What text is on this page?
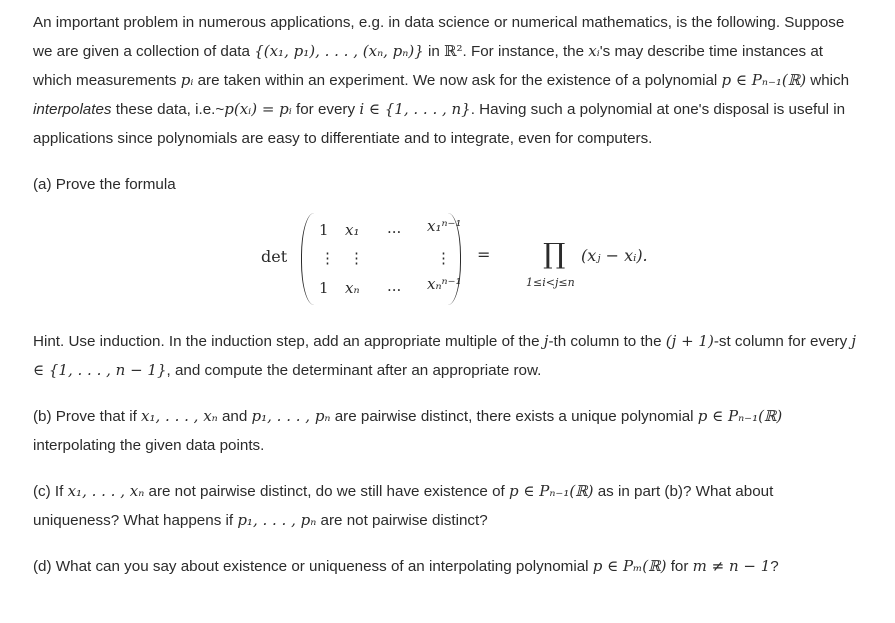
An important problem in numerous applications, e.g. in data science or numerical mathematics, is the following. Suppose we are given a collection of data {(x₁, p₁), . . . , (xₙ, pₙ)} in ℝ². For instance, the xᵢ's may describe time instances at which measurements pᵢ are taken within an experiment. We now ask for the existence of a polynomial p ∈ Pₙ₋₁(ℝ) which interpolates these data, i.e.~p(xᵢ) = pᵢ for every i ∈ {1, . . . , n}. Having such a polynomial at one's disposal is useful in applications since polynomials are easy to differentiate and to integrate, even for computers.

(a) Prove the formula

det
1 x₁ ... x₁ⁿ⁻¹
⋮ ⋮	⋮
1 xₙ ... xₙⁿ⁻¹
= ∏
1≤i<j≤n
(xⱼ − xᵢ).

Hint. Use induction. In the induction step, add an appropriate multiple of the j-th column to the (j + 1)-st column for every j ∈ {1, . . . , n − 1}, and compute the determinant after an appropriate row.

(b) Prove that if x₁, . . . , xₙ and p₁, . . . , pₙ are pairwise distinct, there exists a unique polynomial p ∈ Pₙ₋₁(ℝ) interpolating the given data points.

(c) If x₁, . . . , xₙ are not pairwise distinct, do we still have existence of p ∈ Pₙ₋₁(ℝ) as in part (b)? What about uniqueness? What happens if p₁, . . . , pₙ are not pairwise distinct?

(d) What can you say about existence or uniqueness of an interpolating polynomial p ∈ Pₘ(ℝ) for m ≠ n − 1?
